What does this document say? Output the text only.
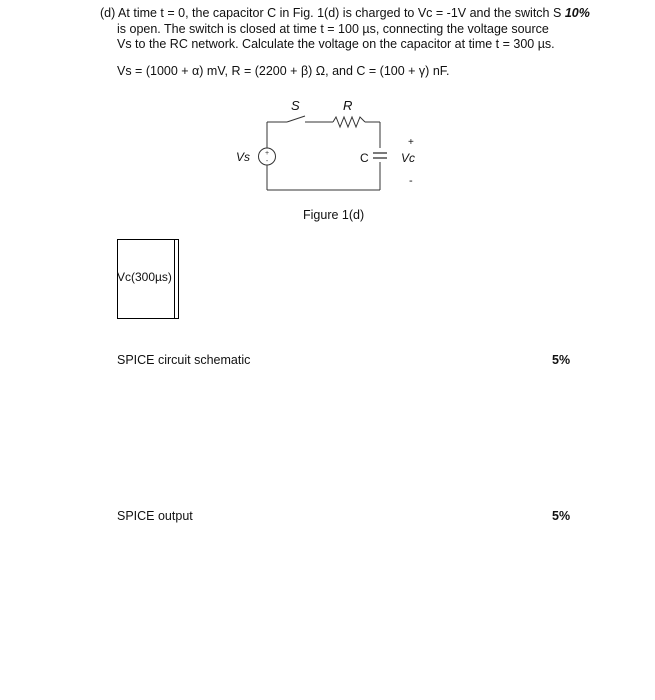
(d) At time t = 0, the capacitor C in Fig. 1(d) is charged to Vc = -1V and the switch S 10%
is open. The switch is closed at time t = 100 µs, connecting the voltage source
Vs to the RC network. Calculate the voltage on the capacitor at time t = 300 µs.
Vs = (1000 + α) mV, R = (2200 + β) Ω, and C = (100 + γ) nF.
+
-
S	R
Vs	C	Vc
+
-
Figure 1(d)
Vc(300µs)
SPICE circuit schematic	5%
SPICE output	5%
